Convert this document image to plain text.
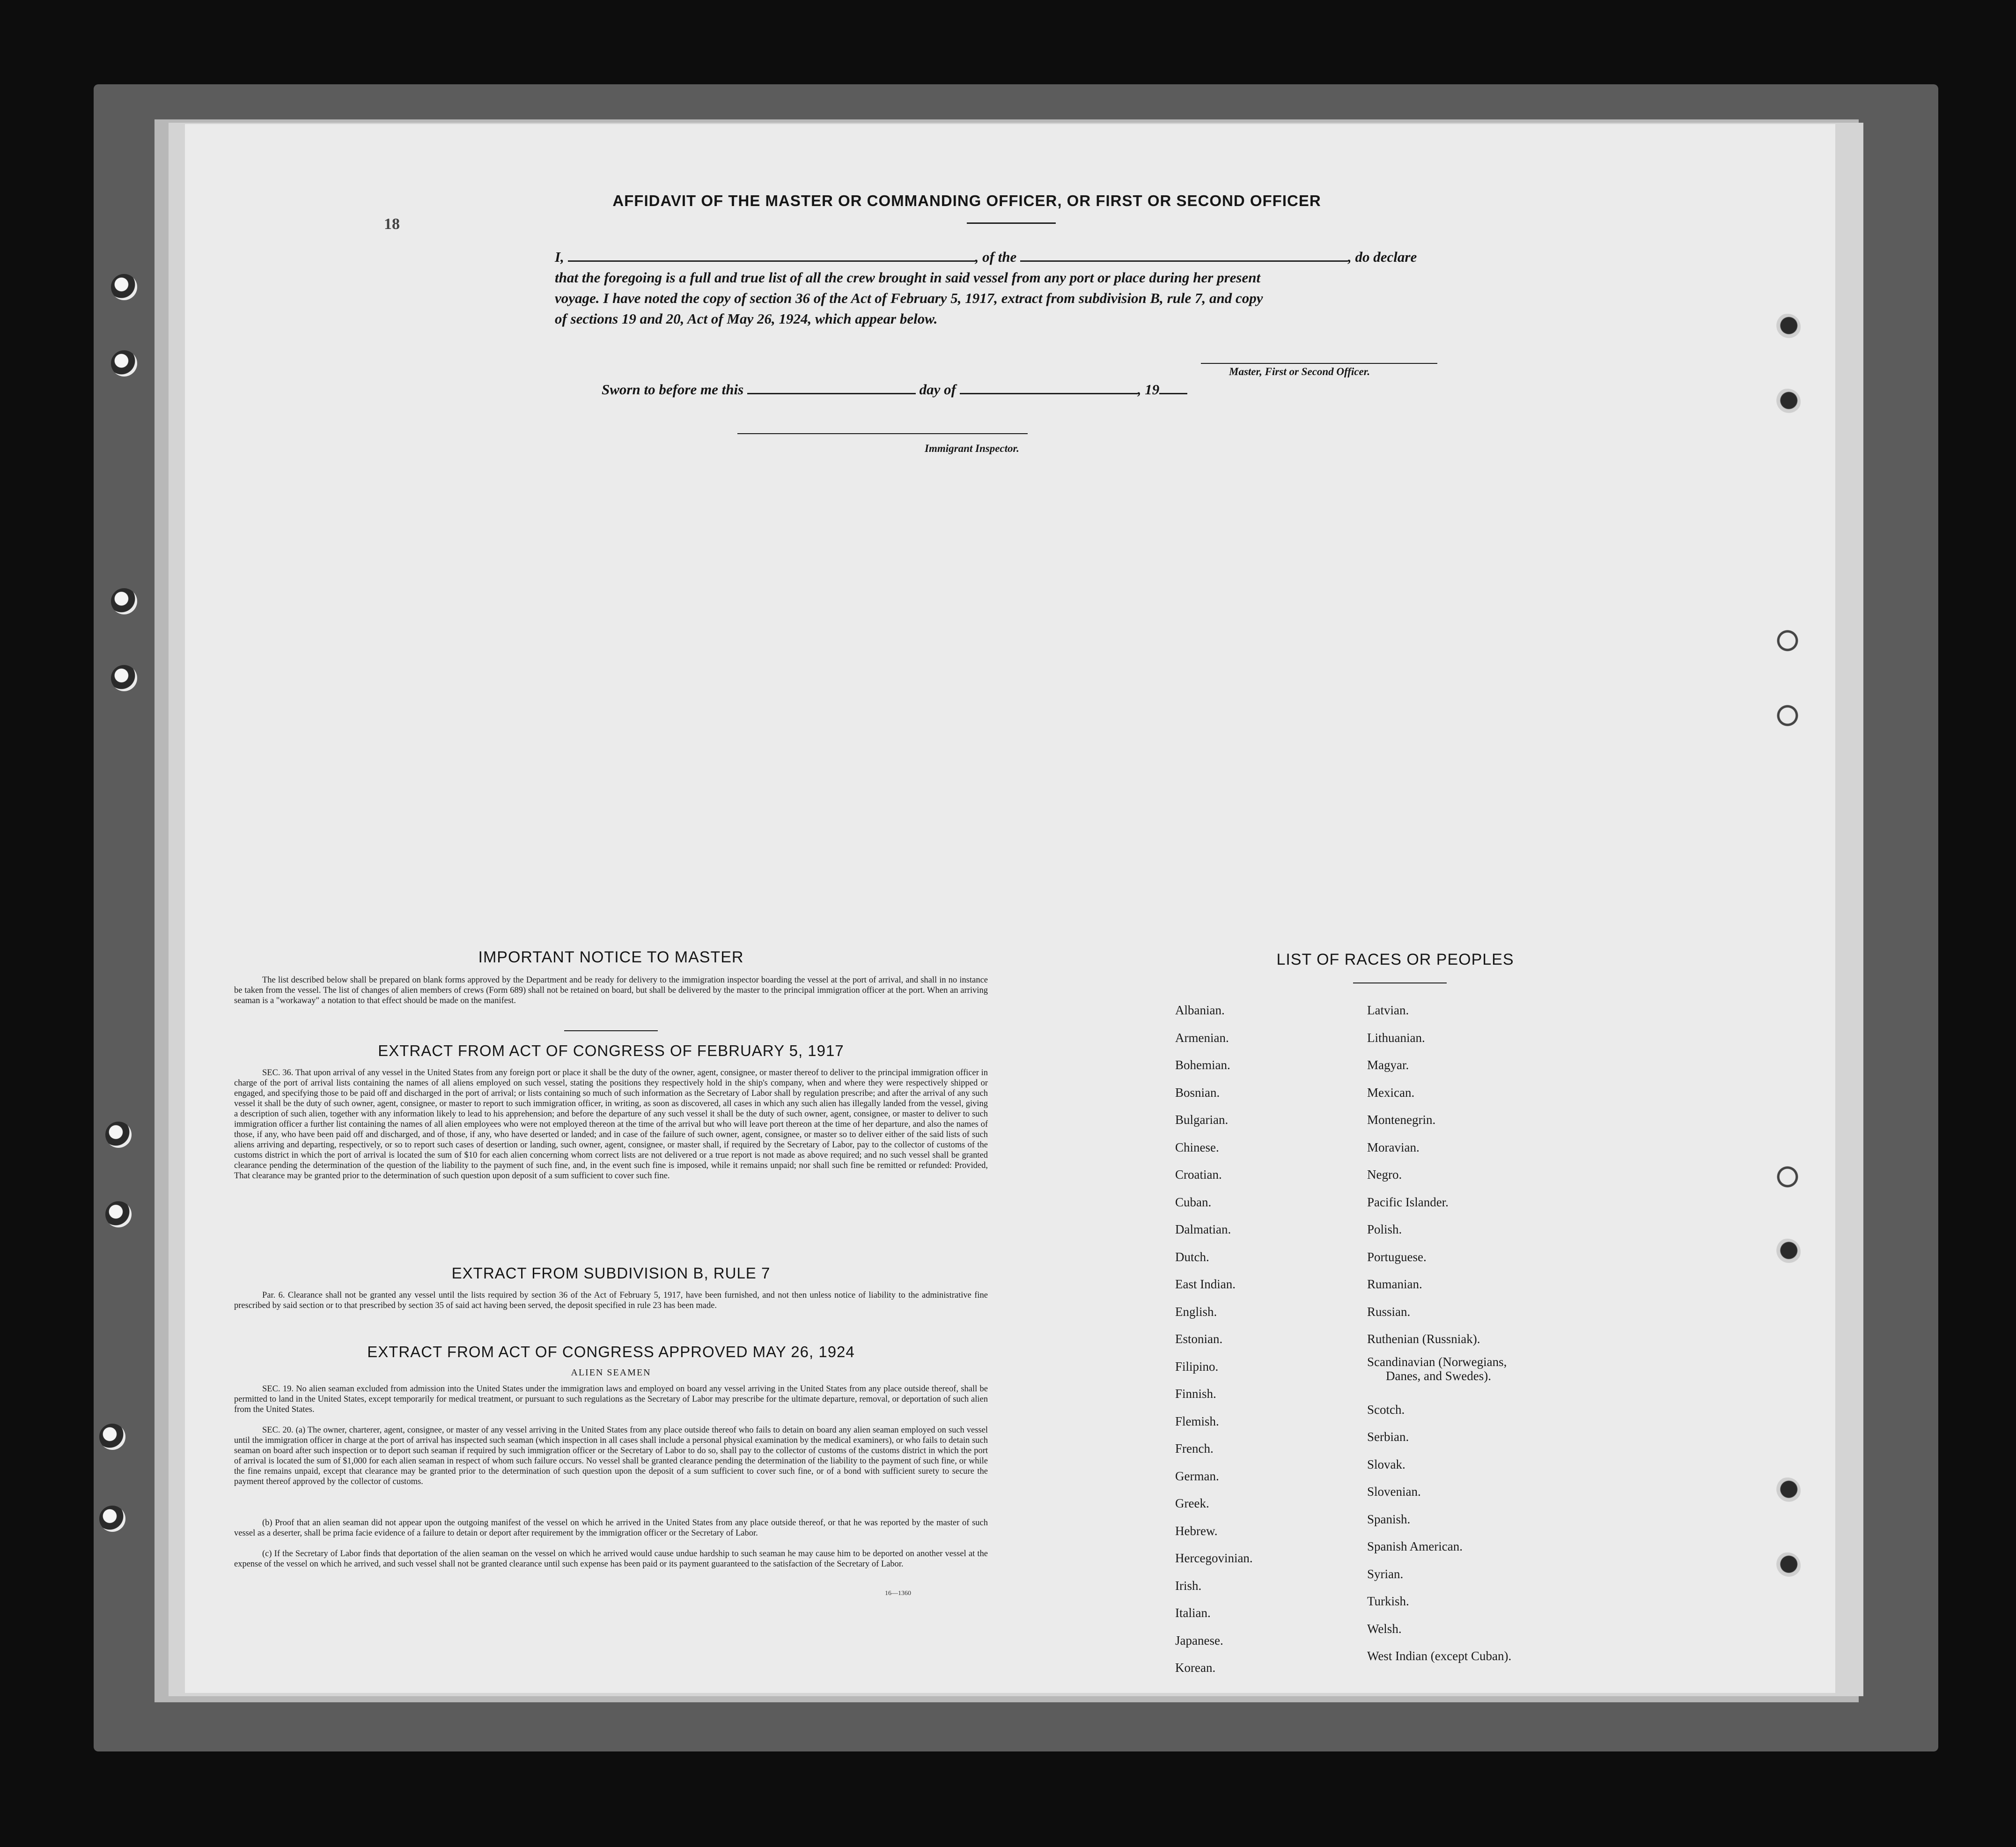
AFFIDAVIT OF THE MASTER OR COMMANDING OFFICER, OR FIRST OR SECOND OFFICER
18
I,	, of the	, do declare
that the foregoing is a full and true list of all the crew brought in said vessel from any port or place during her present
voyage. I have noted the copy of section 36 of the Act of February 5, 1917, extract from subdivision B, rule 7, and copy
of sections 19 and 20, Act of May 26, 1924, which appear below.
Master, First or Second Officer.
Sworn to before me this	day of	, 19
Immigrant Inspector.
IMPORTANT NOTICE TO MASTER
The list described below shall be prepared on blank forms approved by the Department and be ready for delivery to the immigration inspector boarding the vessel at the port of arrival, and shall in no instance be taken from the vessel. The list of changes of alien members of crews (Form 689) shall not be retained on board, but shall be delivered by the master to the principal immigration officer at the port. When an arriving seaman is a "workaway" a notation to that effect should be made on the manifest.
EXTRACT FROM ACT OF CONGRESS OF FEBRUARY 5, 1917
SEC. 36. That upon arrival of any vessel in the United States from any foreign port or place it shall be the duty of the owner, agent, consignee, or master thereof to deliver to the principal immigration officer in charge of the port of arrival lists containing the names of all aliens employed on such vessel, stating the positions they respectively hold in the ship's company, when and where they were respectively shipped or engaged, and specifying those to be paid off and discharged in the port of arrival; or lists containing so much of such information as the Secretary of Labor shall by regulation prescribe; and after the arrival of any such vessel it shall be the duty of such owner, agent, consignee, or master to report to such immigration officer, in writing, as soon as discovered, all cases in which any such alien has illegally landed from the vessel, giving a description of such alien, together with any information likely to lead to his apprehension; and before the departure of any such vessel it shall be the duty of such owner, agent, consignee, or master to deliver to such immigration officer a further list containing the names of all alien employees who were not employed thereon at the time of the arrival but who will leave port thereon at the time of her departure, and also the names of those, if any, who have been paid off and discharged, and of those, if any, who have deserted or landed; and in case of the failure of such owner, agent, consignee, or master so to deliver either of the said lists of such aliens arriving and departing, respectively, or so to report such cases of desertion or landing, such owner, agent, consignee, or master shall, if required by the Secretary of Labor, pay to the collector of customs of the customs district in which the port of arrival is located the sum of $10 for each alien concerning whom correct lists are not delivered or a true report is not made as above required; and no such vessel shall be granted clearance pending the determination of the question of the liability to the payment of such fine, and, in the event such fine is imposed, while it remains unpaid; nor shall such fine be remitted or refunded: Provided, That clearance may be granted prior to the determination of such question upon deposit of a sum sufficient to cover such fine.
EXTRACT FROM SUBDIVISION B, RULE 7
Par. 6. Clearance shall not be granted any vessel until the lists required by section 36 of the Act of February 5, 1917, have been furnished, and not then unless notice of liability to the administrative fine prescribed by said section or to that prescribed by section 35 of said act having been served, the deposit specified in rule 23 has been made.
EXTRACT FROM ACT OF CONGRESS APPROVED MAY 26, 1924
ALIEN SEAMEN
SEC. 19. No alien seaman excluded from admission into the United States under the immigration laws and employed on board any vessel arriving in the United States from any place outside thereof, shall be permitted to land in the United States, except temporarily for medical treatment, or pursuant to such regulations as the Secretary of Labor may prescribe for the ultimate departure, removal, or deportation of such alien from the United States.
SEC. 20. (a) The owner, charterer, agent, consignee, or master of any vessel arriving in the United States from any place outside thereof who fails to detain on board any alien seaman employed on such vessel until the immigration officer in charge at the port of arrival has inspected such seaman (which inspection in all cases shall include a personal physical examination by the medical examiners), or who fails to detain such seaman on board after such inspection or to deport such seaman if required by such immigration officer or the Secretary of Labor to do so, shall pay to the collector of customs of the customs district in which the port of arrival is located the sum of $1,000 for each alien seaman in respect of whom such failure occurs. No vessel shall be granted clearance pending the determination of the liability to the payment of such fine, or while the fine remains unpaid, except that clearance may be granted prior to the determination of such question upon the deposit of a sum sufficient to cover such fine, or of a bond with sufficient surety to secure the payment thereof approved by the collector of customs.
(b) Proof that an alien seaman did not appear upon the outgoing manifest of the vessel on which he arrived in the United States from any place outside thereof, or that he was reported by the master of such vessel as a deserter, shall be prima facie evidence of a failure to detain or deport after requirement by the immigration officer or the Secretary of Labor.
(c) If the Secretary of Labor finds that deportation of the alien seaman on the vessel on which he arrived would cause undue hardship to such seaman he may cause him to be deported on another vessel at the expense of the vessel on which he arrived, and such vessel shall not be granted clearance until such expense has been paid or its payment guaranteed to the satisfaction of the Secretary of Labor.
16—1360
LIST OF RACES OR PEOPLES
Albanian.
Armenian.
Bohemian.
Bosnian.
Bulgarian.
Chinese.
Croatian.
Cuban.
Dalmatian.
Dutch.
East Indian.
English.
Estonian.
Filipino.
Finnish.
Flemish.
French.
German.
Greek.
Hebrew.
Hercegovinian.
Irish.
Italian.
Japanese.
Korean.
Latvian.
Lithuanian.
Magyar.
Mexican.
Montenegrin.
Moravian.
Negro.
Pacific Islander.
Polish.
Portuguese.
Rumanian.
Russian.
Ruthenian (Russniak).
Scandinavian (Norwegians,
Danes, and Swedes).
Scotch.
Serbian.
Slovak.
Slovenian.
Spanish.
Spanish American.
Syrian.
Turkish.
Welsh.
West Indian (except Cuban).
